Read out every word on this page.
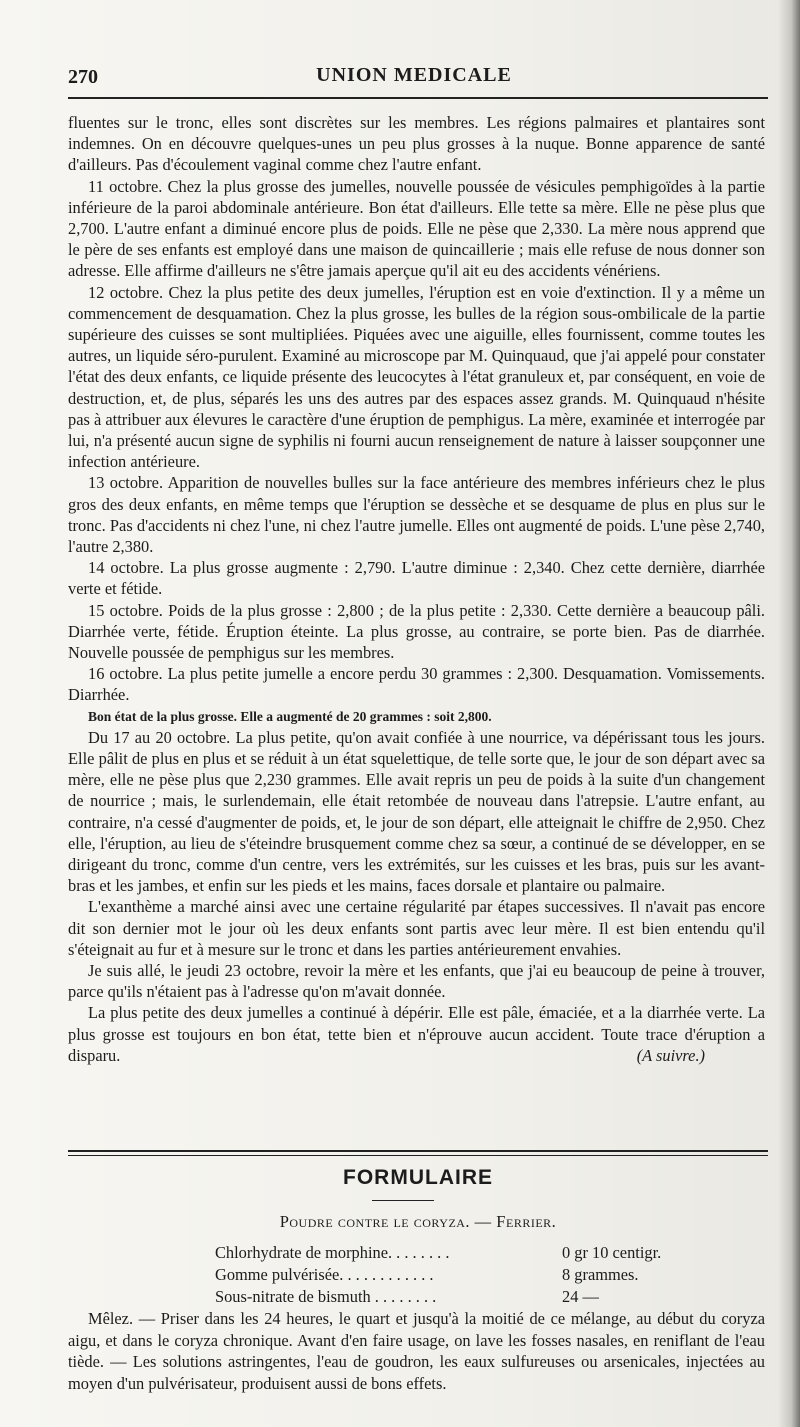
270	UNION MEDICALE

fluentes sur le tronc, elles sont discrètes sur les membres. Les régions palmaires et plantaires sont indemnes. On en découvre quelques-unes un peu plus grosses à la nuque. Bonne apparence de santé d'ailleurs. Pas d'écoulement vaginal comme chez l'autre enfant.

11 octobre. Chez la plus grosse des jumelles, nouvelle poussée de vésicules pemphigoïdes à la partie inférieure de la paroi abdominale antérieure. Bon état d'ailleurs. Elle tette sa mère. Elle ne pèse plus que 2,700. L'autre enfant a diminué encore plus de poids. Elle ne pèse que 2,330. La mère nous apprend que le père de ses enfants est employé dans une maison de quincaillerie ; mais elle refuse de nous donner son adresse. Elle affirme d'ailleurs ne s'être jamais aperçue qu'il ait eu des accidents vénériens.

12 octobre. Chez la plus petite des deux jumelles, l'éruption est en voie d'extinction. Il y a même un commencement de desquamation. Chez la plus grosse, les bulles de la région sous-ombilicale de la partie supérieure des cuisses se sont multipliées. Piquées avec une aiguille, elles fournissent, comme toutes les autres, un liquide séro-purulent. Examiné au microscope par M. Quinquaud, que j'ai appelé pour constater l'état des deux enfants, ce liquide présente des leucocytes à l'état granuleux et, par conséquent, en voie de destruction, et, de plus, séparés les uns des autres par des espaces assez grands. M. Quinquaud n'hésite pas à attribuer aux élevures le caractère d'une éruption de pemphigus. La mère, examinée et interrogée par lui, n'a présenté aucun signe de syphilis ni fourni aucun renseignement de nature à laisser soupçonner une infection antérieure.

13 octobre. Apparition de nouvelles bulles sur la face antérieure des membres inférieurs chez le plus gros des deux enfants, en même temps que l'éruption se dessèche et se desquame de plus en plus sur le tronc. Pas d'accidents ni chez l'une, ni chez l'autre jumelle. Elles ont augmenté de poids. L'une pèse 2,740, l'autre 2,380.

14 octobre. La plus grosse augmente : 2,790. L'autre diminue : 2,340. Chez cette dernière, diarrhée verte et fétide.

15 octobre. Poids de la plus grosse : 2,800 ; de la plus petite : 2,330. Cette dernière a beaucoup pâli. Diarrhée verte, fétide. Éruption éteinte. La plus grosse, au contraire, se porte bien. Pas de diarrhée. Nouvelle poussée de pemphigus sur les membres.

16 octobre. La plus petite jumelle a encore perdu 30 grammes : 2,300. Desquamation. Vomissements. Diarrhée.

Bon état de la plus grosse. Elle a augmenté de 20 grammes : soit 2,800.

Du 17 au 20 octobre. La plus petite, qu'on avait confiée à une nourrice, va dépérissant tous les jours. Elle pâlit de plus en plus et se réduit à un état squelettique, de telle sorte que, le jour de son départ avec sa mère, elle ne pèse plus que 2,230 grammes. Elle avait repris un peu de poids à la suite d'un changement de nourrice ; mais, le surlendemain, elle était retombée de nouveau dans l'atrepsie. L'autre enfant, au contraire, n'a cessé d'augmenter de poids, et, le jour de son départ, elle atteignait le chiffre de 2,950. Chez elle, l'éruption, au lieu de s'éteindre brusquement comme chez sa sœur, a continué de se développer, en se dirigeant du tronc, comme d'un centre, vers les extrémités, sur les cuisses et les bras, puis sur les avant-bras et les jambes, et enfin sur les pieds et les mains, faces dorsale et plantaire ou palmaire.

L'exanthème a marché ainsi avec une certaine régularité par étapes successives. Il n'avait pas encore dit son dernier mot le jour où les deux enfants sont partis avec leur mère. Il est bien entendu qu'il s'éteignait au fur et à mesure sur le tronc et dans les parties antérieurement envahies.

Je suis allé, le jeudi 23 octobre, revoir la mère et les enfants, que j'ai eu beaucoup de peine à trouver, parce qu'ils n'étaient pas à l'adresse qu'on m'avait donnée.

La plus petite des deux jumelles a continué à dépérir. Elle est pâle, émaciée, et a la diarrhée verte. La plus grosse est toujours en bon état, tette bien et n'éprouve aucun accident. Toute trace d'éruption a disparu.	(A suivre.)

FORMULAIRE
Poudre contre le coryza. — Ferrier.
Chlorhydrate de morphine. . . . . . . .	0 gr 10 centigr.
Gomme pulvérisée. . . . . . . . . . . .	8 grammes.
Sous-nitrate de bismuth . . . . . . . .	24 —

Mêlez. — Priser dans les 24 heures, le quart et jusqu'à la moitié de ce mélange, au début du coryza aigu, et dans le coryza chronique. Avant d'en faire usage, on lave les fosses nasales, en reniflant de l'eau tiède. — Les solutions astringentes, l'eau de goudron, les eaux sulfureuses ou arsenicales, injectées au moyen d'un pulvérisateur, produisent aussi de bons effets.
